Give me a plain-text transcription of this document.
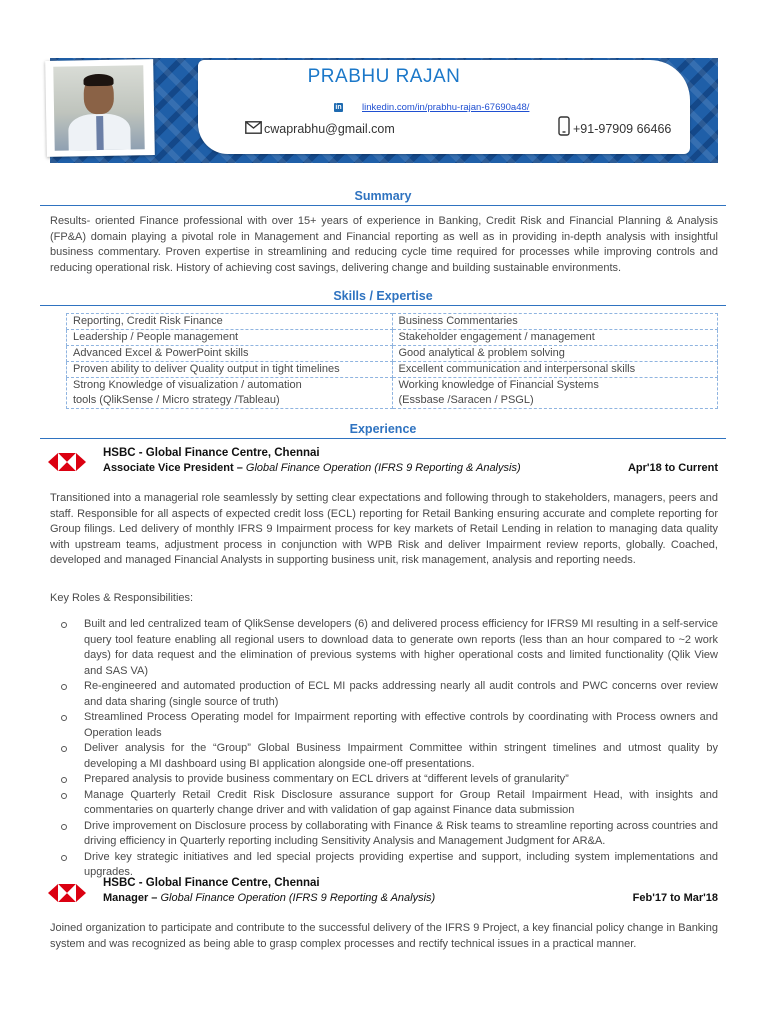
PRABHU RAJAN
in linkedin.com/in/prabhu-rajan-67690a48/
cwaprabhu@gmail.com	+91-97909 66466
Summary

Results- oriented Finance professional with over 15+ years of experience in Banking, Credit Risk and Financial Planning & Analysis (FP&A) domain playing a pivotal role in Management and Financial reporting as well as in providing in-depth analysis with insightful business commentary. Proven expertise in streamlining and reducing cycle time required for processes while improving controls and reducing operational risk. History of achieving cost savings, delivering change and building sustainable environments.

Skills / Expertise
Reporting, Credit Risk Finance	Business Commentaries
Leadership / People management	Stakeholder engagement / management
Advanced Excel & PowerPoint skills	Good analytical & problem solving
Proven ability to deliver Quality output in tight timelines	Excellent communication and interpersonal skills
Strong Knowledge of visualization / automation
tools (QlikSense / Micro strategy /Tableau)	Working knowledge of Financial Systems
(Essbase /Saracen / PSGL)
Experience
HSBC - Global Finance Centre, Chennai
Associate Vice President – Global Finance Operation (IFRS 9 Reporting & Analysis)	Apr'18 to Current

Transitioned into a managerial role seamlessly by setting clear expectations and following through to stakeholders, managers, peers and staff. Responsible for all aspects of expected credit loss (ECL) reporting for Retail Banking ensuring accurate and complete reporting for Group filings. Led delivery of monthly IFRS 9 Impairment process for key markets of Retail Lending in relation to managing data quality with upstream teams, adjustment process in conjunction with WPB Risk and deliver Impairment review reports, globally. Coached, developed and managed Financial Analysts in supporting business unit, risk management, analysis and reporting needs.

Key Roles & Responsibilities:

Built and led centralized team of QlikSense developers (6) and delivered process efficiency for IFRS9 MI resulting in a self-service query tool feature enabling all regional users to download data to generate own reports (less than an hour compared to ~2 work days) for data request and the elimination of previous systems with higher operational costs and limited functionality (Qlik View and SAS VA)
Re-engineered and automated production of ECL MI packs addressing nearly all audit controls and PWC concerns over review and data sharing (single source of truth)
Streamlined Process Operating model for Impairment reporting with effective controls by coordinating with Process owners and Operation leads
Deliver analysis for the “Group” Global Business Impairment Committee within stringent timelines and utmost quality by developing a MI dashboard using BI application alongside one-off presentations.
Prepared analysis to provide business commentary on ECL drivers at “different levels of granularity”
Manage Quarterly Retail Credit Risk Disclosure assurance support for Group Retail Impairment Head, with insights and commentaries on quarterly change driver and with validation of gap against Finance data submission
Drive improvement on Disclosure process by collaborating with Finance & Risk teams to streamline reporting across countries and driving efficiency in Quarterly reporting including Sensitivity Analysis and Management Judgment for AR&A.
Drive key strategic initiatives and led special projects providing expertise and support, including system implementations and upgrades.
HSBC - Global Finance Centre, Chennai
Manager – Global Finance Operation (IFRS 9 Reporting & Analysis)	Feb'17 to Mar'18

Joined organization to participate and contribute to the successful delivery of the IFRS 9 Project, a key financial policy change in Banking system and was recognized as being able to grasp complex processes and rectify technical issues in a practical manner.
